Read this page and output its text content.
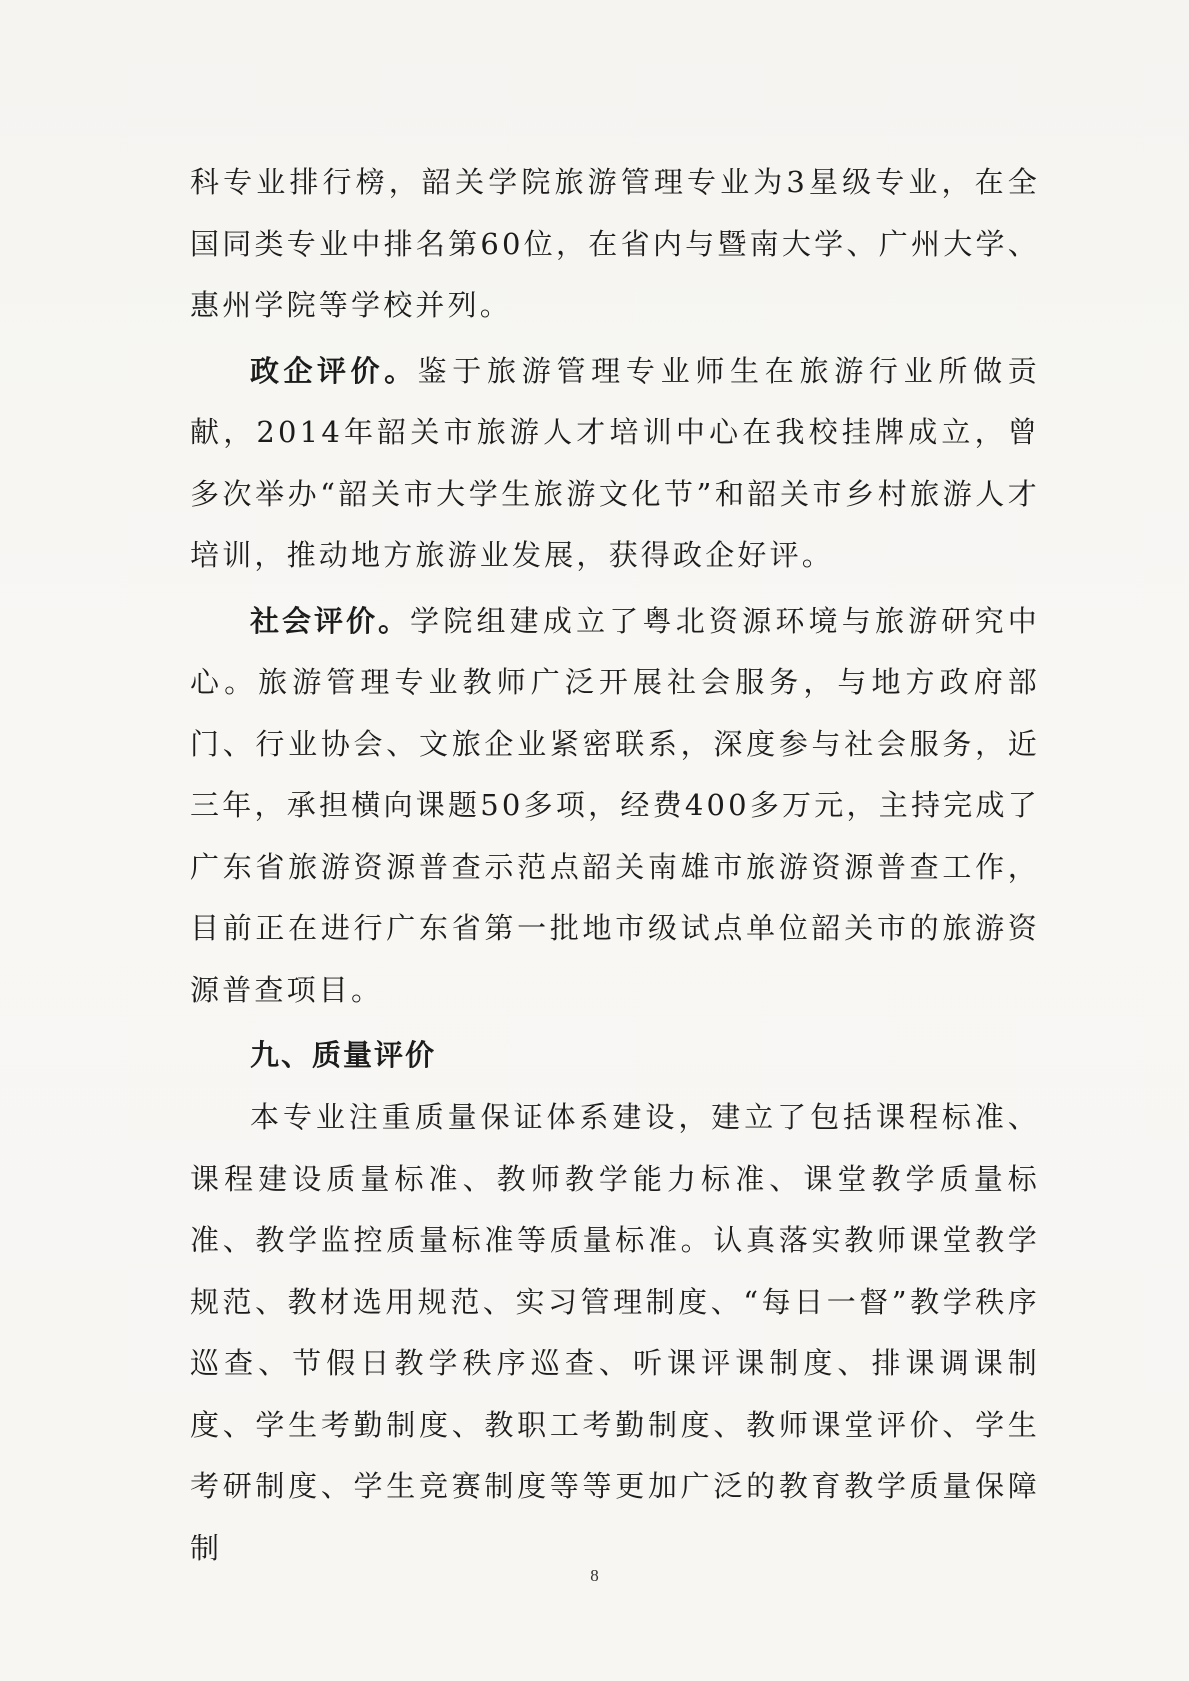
科专业排行榜，韶关学院旅游管理专业为3星级专业，在全国同类专业中排名第60位，在省内与暨南大学、广州大学、惠州学院等学校并列。

政企评价。鉴于旅游管理专业师生在旅游行业所做贡献，2014年韶关市旅游人才培训中心在我校挂牌成立，曾多次举办“韶关市大学生旅游文化节”和韶关市乡村旅游人才培训，推动地方旅游业发展，获得政企好评。

社会评价。学院组建成立了粤北资源环境与旅游研究中心。旅游管理专业教师广泛开展社会服务，与地方政府部门、行业协会、文旅企业紧密联系，深度参与社会服务，近三年，承担横向课题50多项，经费400多万元，主持完成了广东省旅游资源普查示范点韶关南雄市旅游资源普查工作，目前正在进行广东省第一批地市级试点单位韶关市的旅游资源普查项目。

九、质量评价

本专业注重质量保证体系建设，建立了包括课程标准、课程建设质量标准、教师教学能力标准、课堂教学质量标准、教学监控质量标准等质量标准。认真落实教师课堂教学规范、教材选用规范、实习管理制度、“每日一督”教学秩序巡查、节假日教学秩序巡查、听课评课制度、排课调课制度、学生考勤制度、教职工考勤制度、教师课堂评价、学生考研制度、学生竞赛制度等等更加广泛的教育教学质量保障制

8
